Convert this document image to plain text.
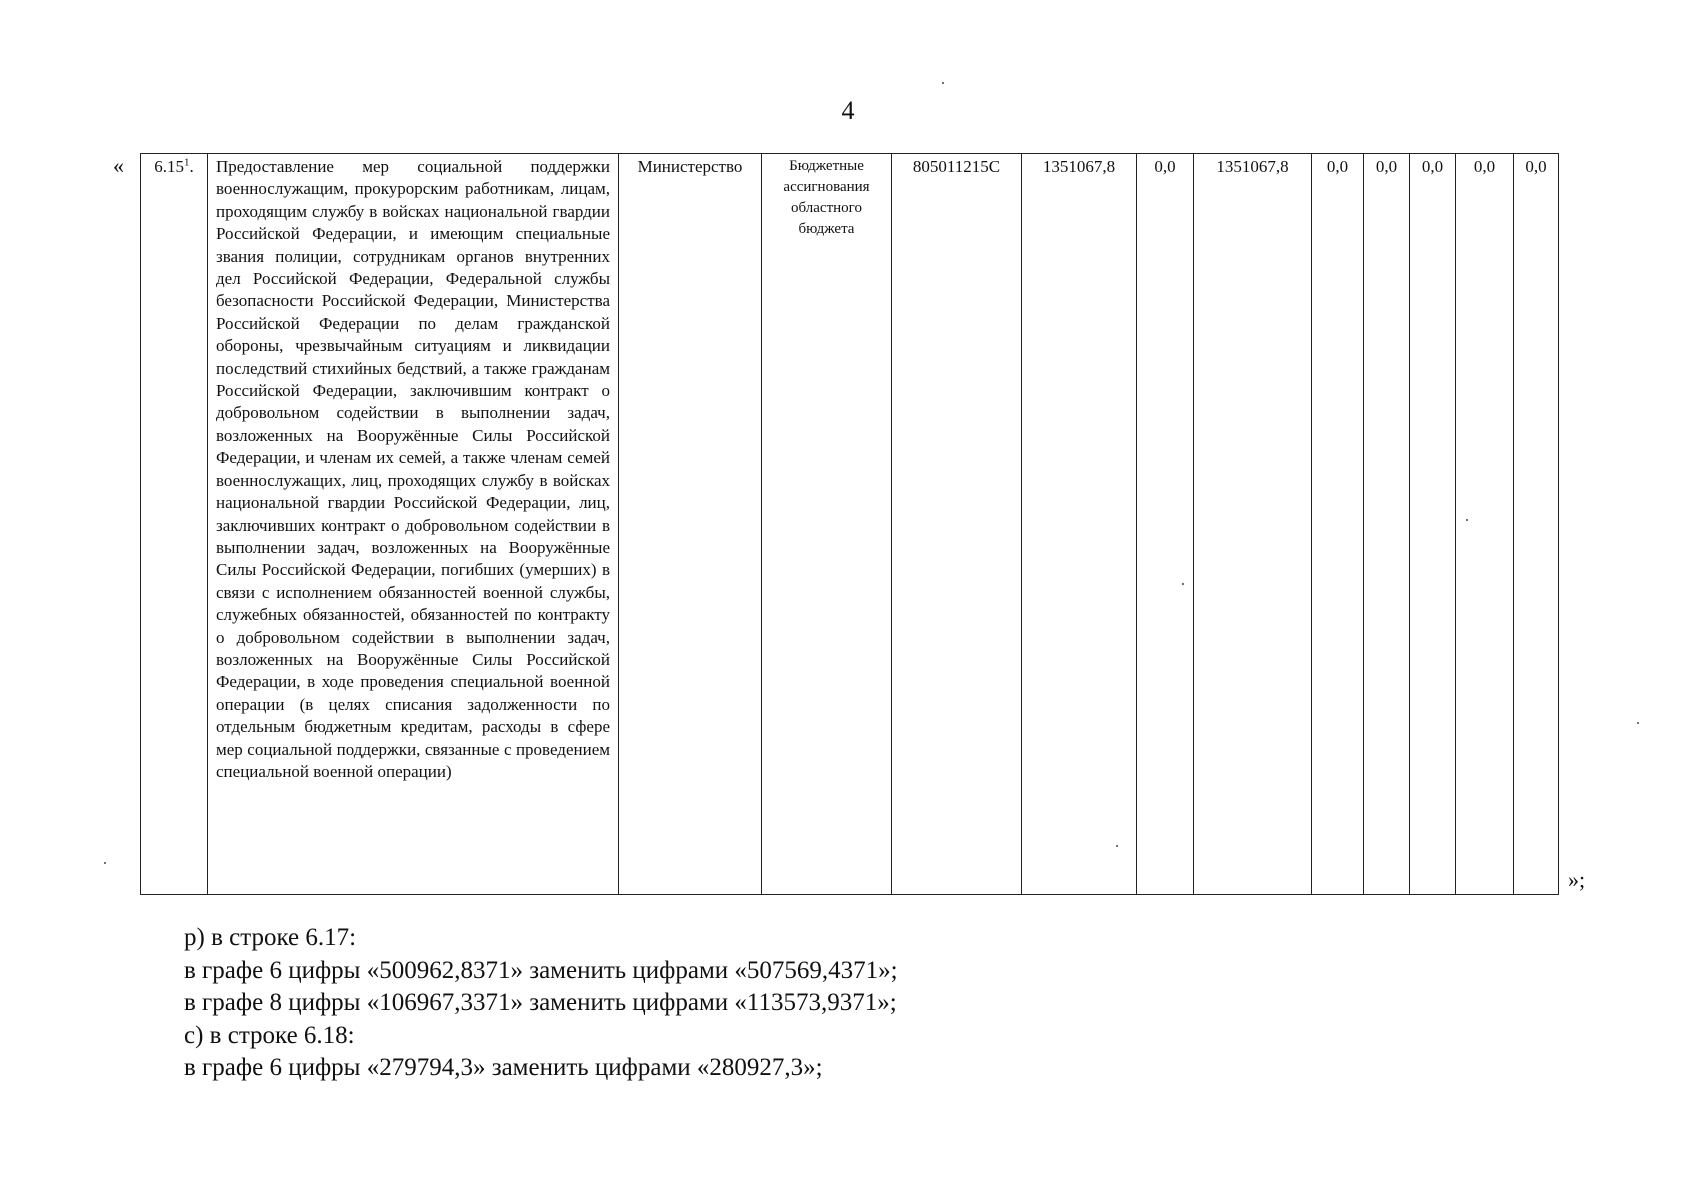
4
« 6.15$^1$.	Предоставление мер социальной поддержки военнослужащим, прокурорским работникам, лицам, проходящим службу в войсках национальной гвардии Российской Федерации, и имеющим специальные звания полиции, сотрудникам органов внутренних дел Российской Федерации, Федеральной службы безопасности Российской Федерации, Министерства Российской Федерации по делам гражданской обороны, чрезвычайным ситуациям и ликвидации последствий стихийных бедствий, а также гражданам Российской Федерации, заключившим контракт о добровольном содействии в выполнении задач, возложенных на Вооружённые Силы Российской Федерации, и членам их семей, а также членам семей военнослужащих, лиц, проходящих службу в войсках национальной гвардии Российской Федерации, лиц, заключивших контракт о добровольном содействии в выполнении задач, возложенных на Вооружённые Силы Российской Федерации, погибших (умерших) в связи с исполнением обязанностей военной службы, служебных обязанностей, обязанностей по контракту о добровольном содействии в выполнении задач, возложенных на Вооружённые Силы Российской Федерации, в ходе проведения специальной военной операции (в целях списания задолженности по отдельным бюджетным кредитам, расходы в сфере мер социальной поддержки, связанные с проведением специальной военной операции)	Министерство	Бюджетные ассигнования областного бюджета	805011215С	1351067,8	0,0	1351067,8	0,0	0,0	0,0	0,0	0,0
»;

р) в строке 6.17:

в графе 6 цифры «500962,8371» заменить цифрами «507569,4371»;

в графе 8 цифры «106967,3371» заменить цифрами «113573,9371»;

с) в строке 6.18:

в графе 6 цифры «279794,3» заменить цифрами «280927,3»;
